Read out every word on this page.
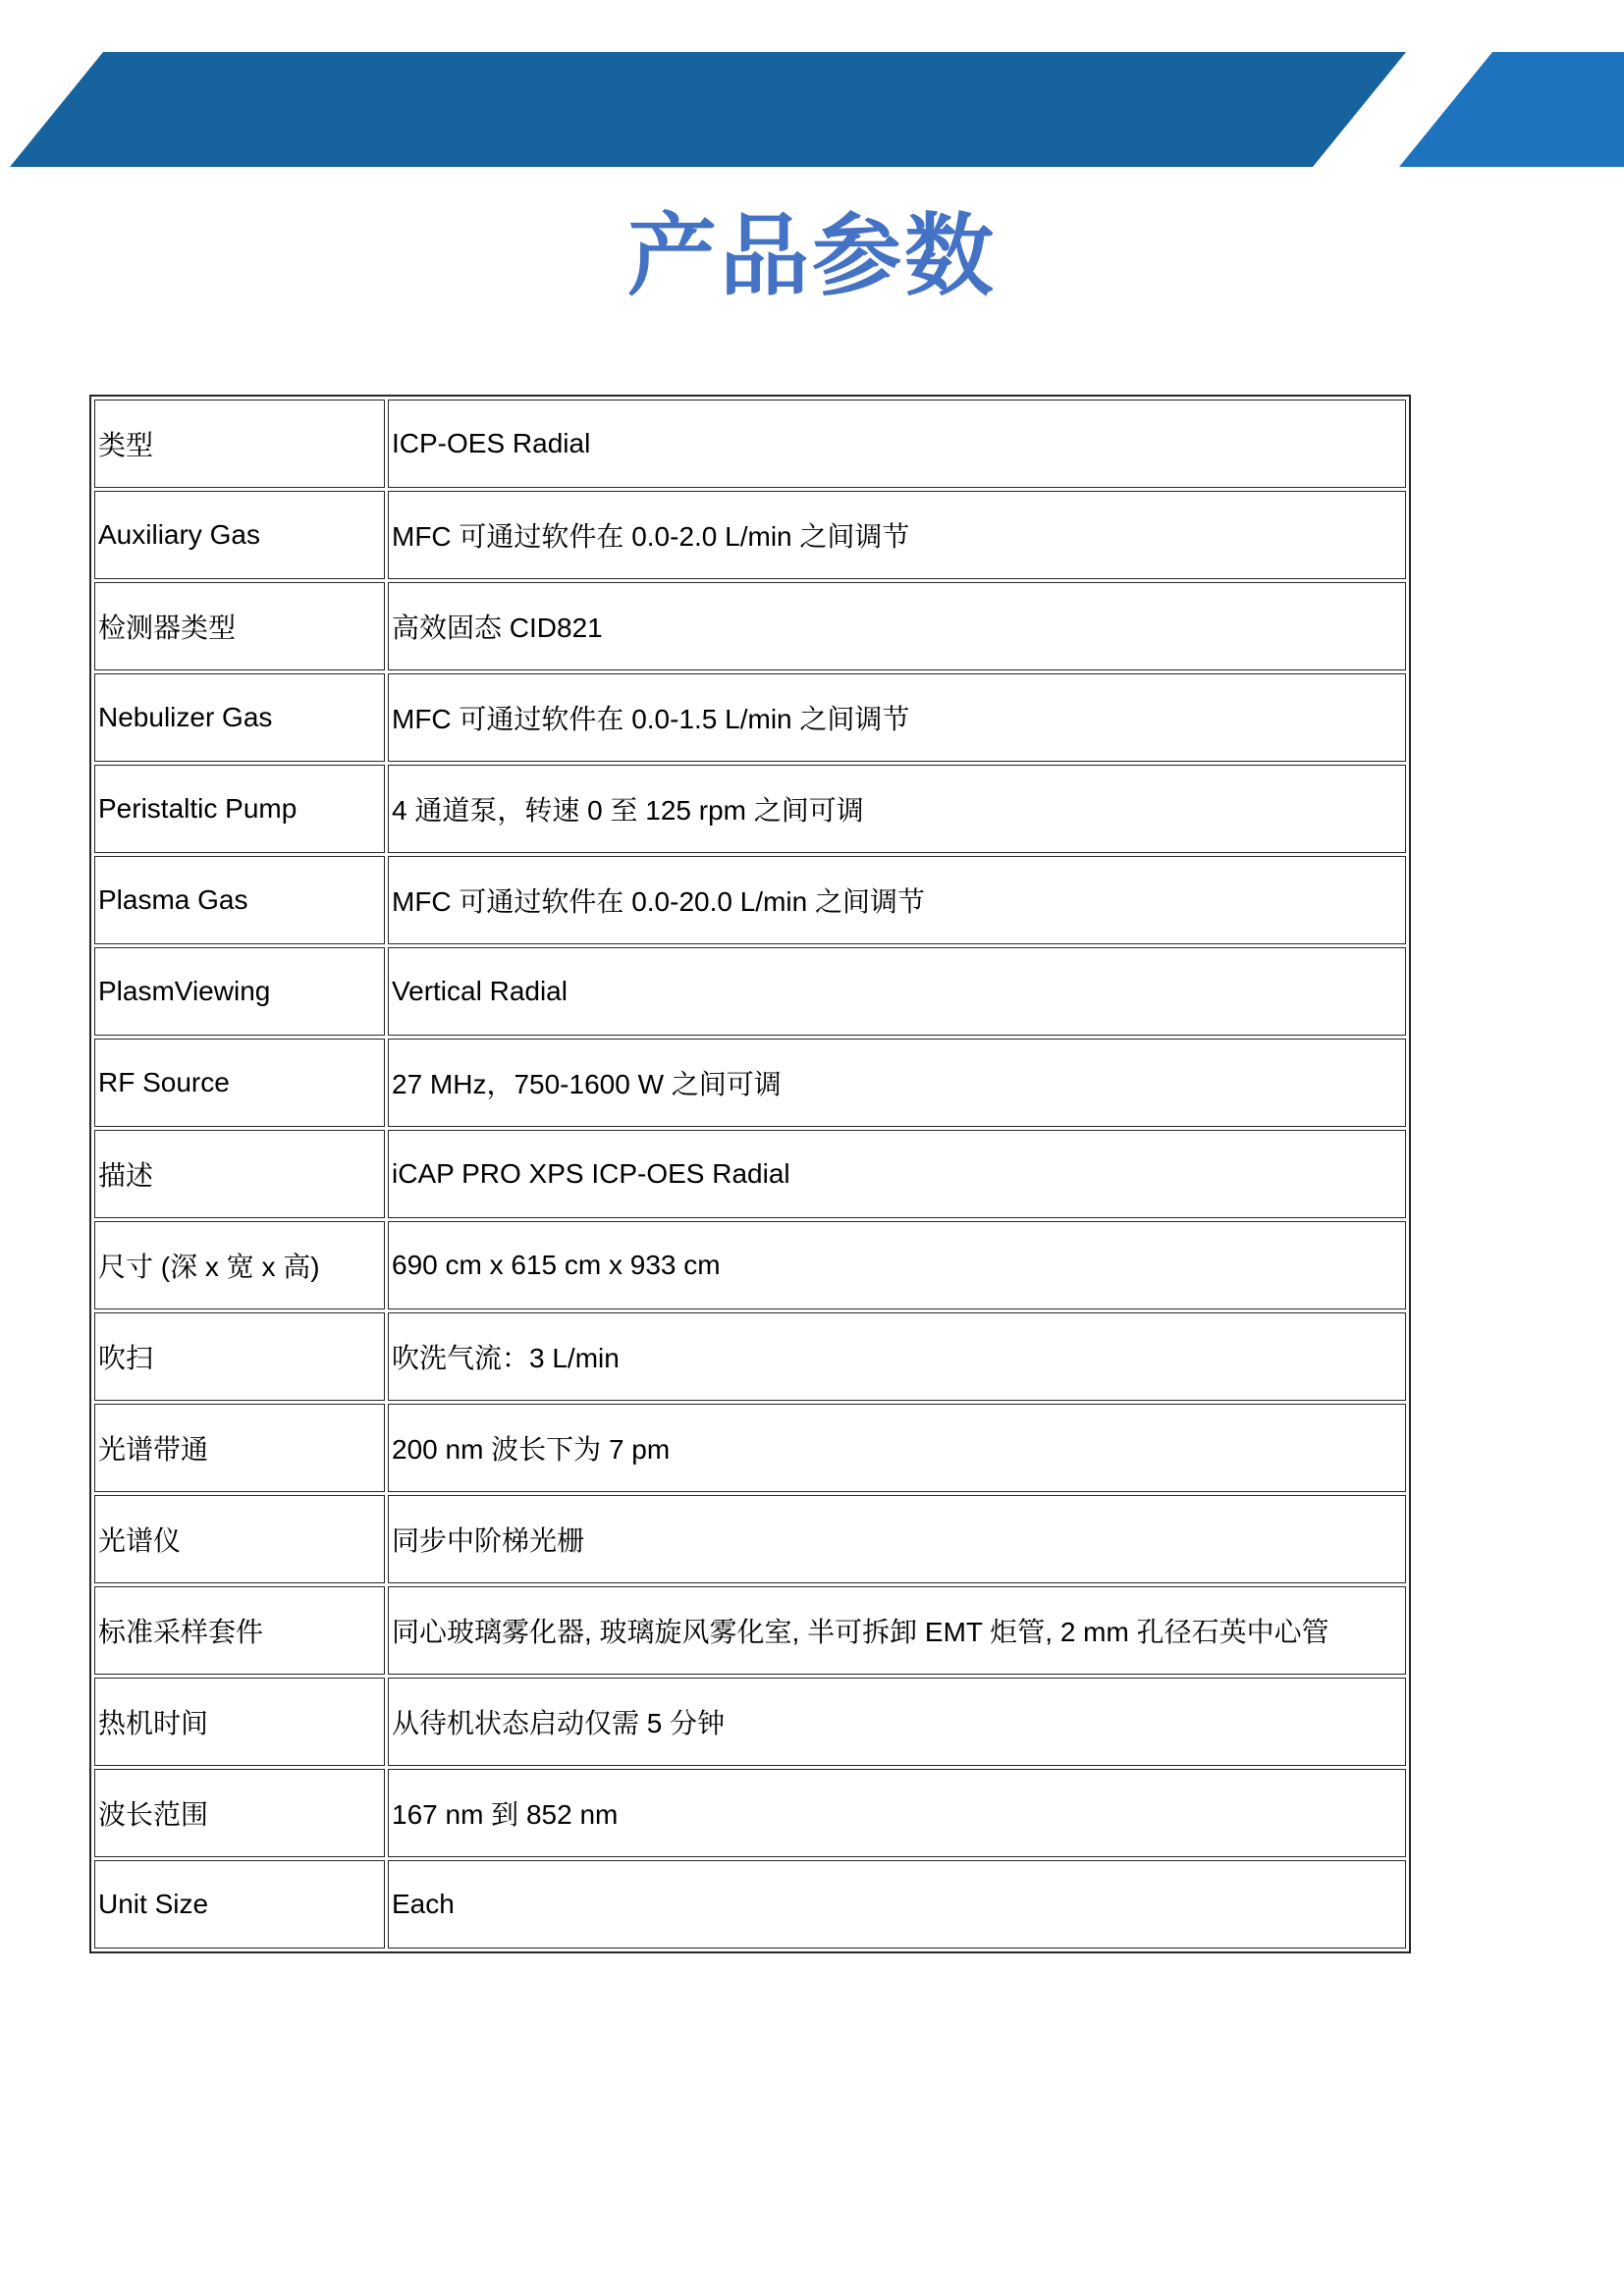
产品参数
类型	ICP-OES Radial
Auxiliary Gas	MFC 可通过软件在 0.0-2.0 L/min 之间调节
检测器类型	高效固态 CID821
Nebulizer Gas	MFC 可通过软件在 0.0-1.5 L/min 之间调节
Peristaltic Pump	4 通道泵，转速 0 至 125 rpm 之间可调
Plasma Gas	MFC 可通过软件在 0.0-20.0 L/min 之间调节
PlasmViewing	Vertical Radial
RF Source	27 MHz，750-1600 W 之间可调
描述	iCAP PRO XPS ICP-OES Radial
尺寸 (深 x 宽 x 高)	690 cm x 615 cm x 933 cm
吹扫	吹洗气流：3 L/min
光谱带通	200 nm 波长下为 7 pm
光谱仪	同步中阶梯光栅
标准采样套件	同心玻璃雾化器, 玻璃旋风雾化室, 半可拆卸 EMT 炬管, 2 mm 孔径石英中心管
热机时间	从待机状态启动仅需 5 分钟
波长范围	167 nm 到 852 nm
Unit Size	Each
